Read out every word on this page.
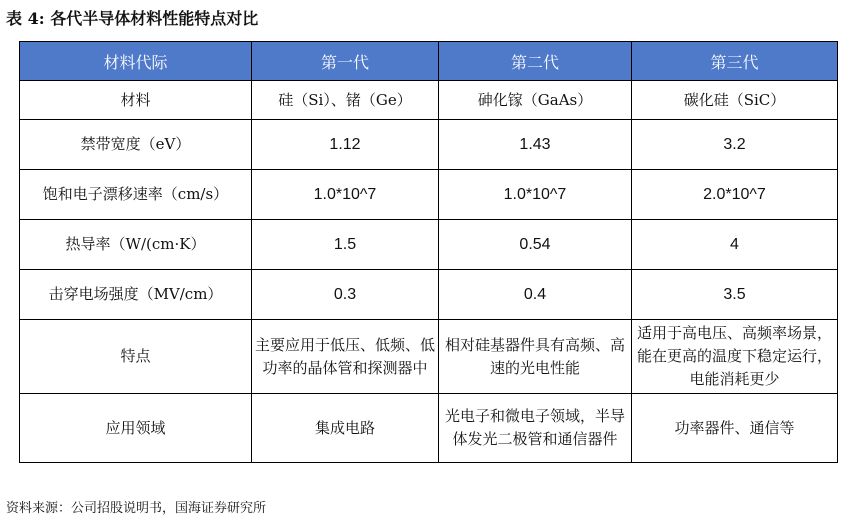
表 4: 各代半导体材料性能特点对比
材料代际	第一代	第二代	第三代
材料	硅（Si）、锗（Ge）	砷化镓（GaAs）	碳化硅（SiC）
禁带宽度（eV）	1.12	1.43	3.2
饱和电子漂移速率（cm/s）	1.0*10^7	1.0*10^7	2.0*10^7
热导率（W/(cm·K）	1.5	0.54	4
击穿电场强度（MV/cm）	0.3	0.4	3.5
特点	主要应用于低压、低频、低功率的晶体管和探测器中	相对硅基器件具有高频、高速的光电性能	适用于高电压、高频率场景，能在更高的温度下稳定运行，电能消耗更少
应用领域	集成电路	光电子和微电子领域，半导体发光二极管和通信器件	功率器件、通信等
资料来源：公司招股说明书，国海证券研究所
